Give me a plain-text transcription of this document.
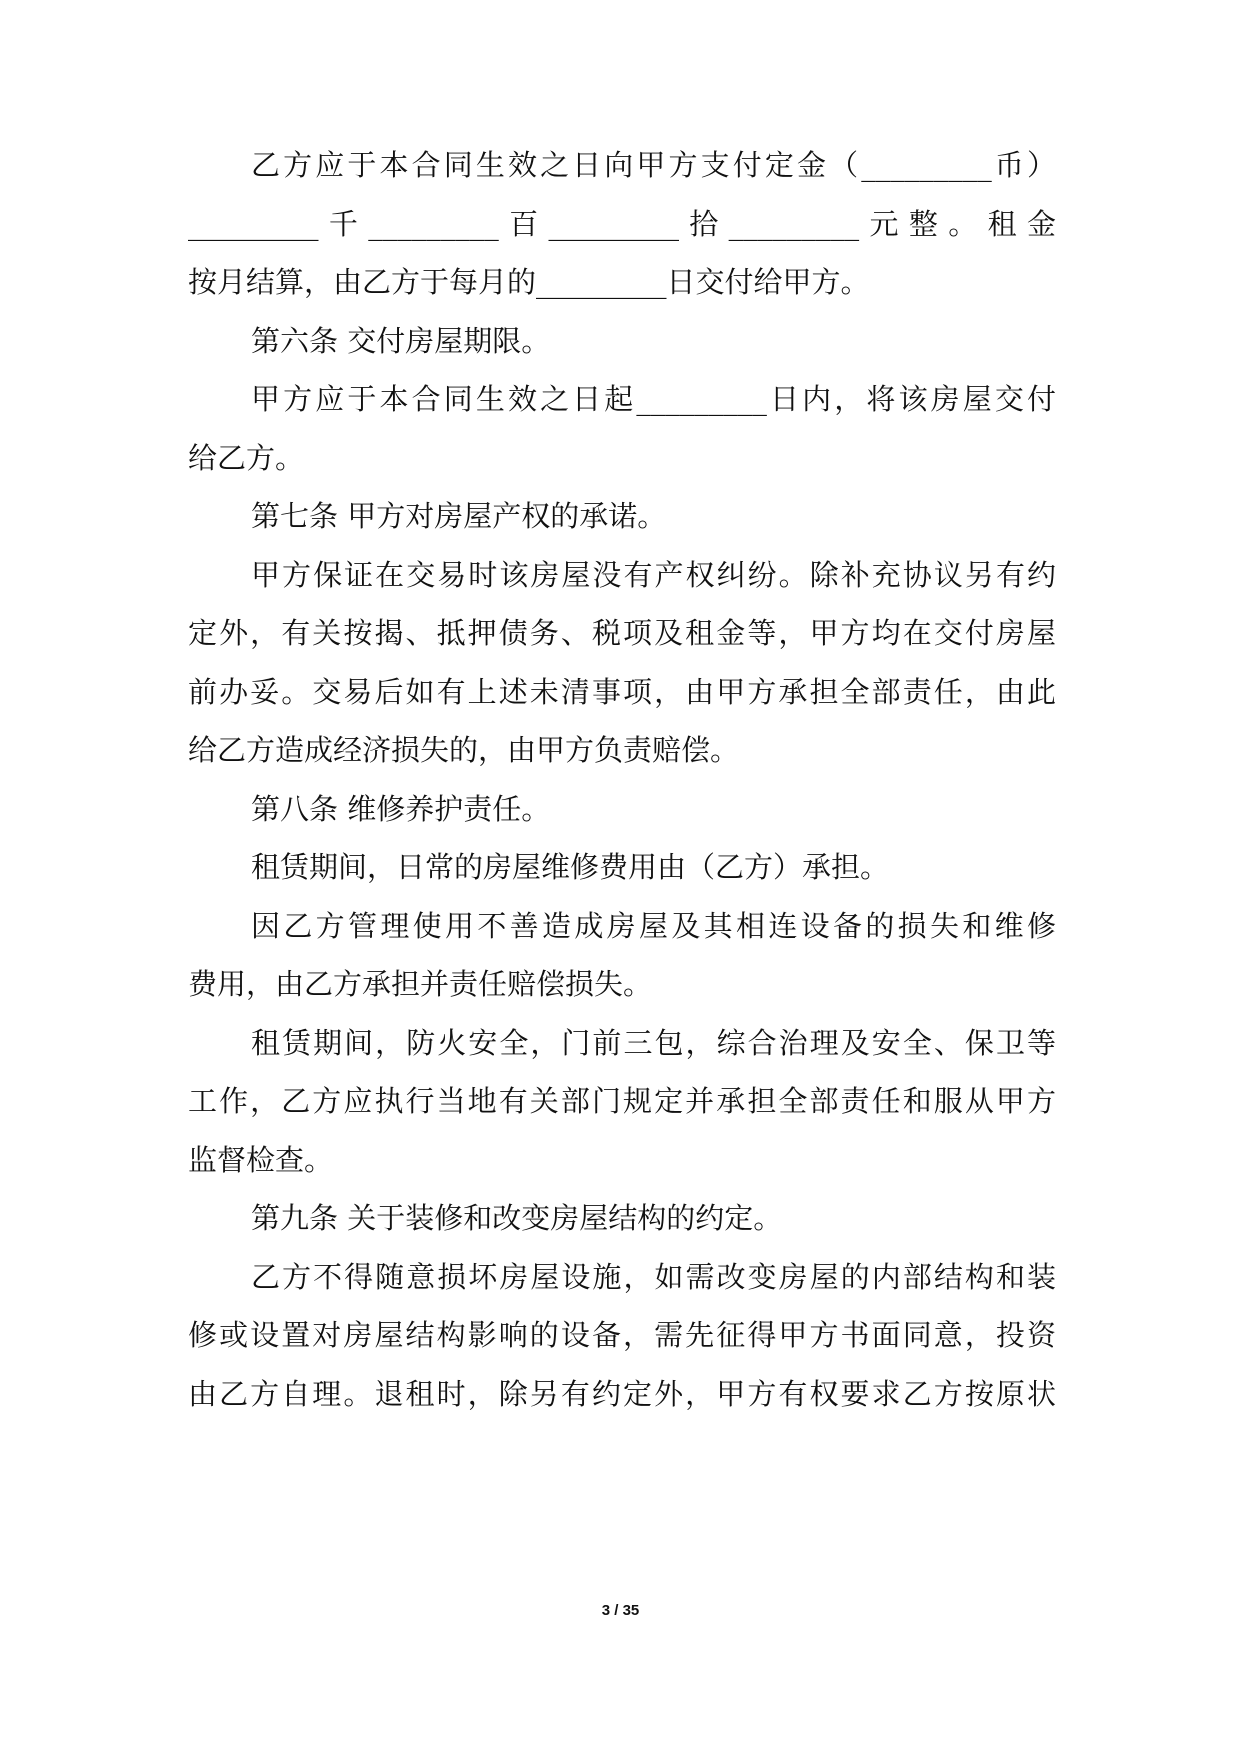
乙方应于本合同生效之日向甲方支付定金（_________币）
_________千_________百_________拾_________元整。租金
按月结算，由乙方于每月的_________日交付给甲方。
第六条 交付房屋期限。
甲方应于本合同生效之日起_________日内，将该房屋交付
给乙方。
第七条 甲方对房屋产权的承诺。
甲方保证在交易时该房屋没有产权纠纷。除补充协议另有约
定外，有关按揭、抵押债务、税项及租金等，甲方均在交付房屋
前办妥。交易后如有上述未清事项，由甲方承担全部责任，由此
给乙方造成经济损失的，由甲方负责赔偿。
第八条 维修养护责任。
租赁期间，日常的房屋维修费用由（乙方）承担。
因乙方管理使用不善造成房屋及其相连设备的损失和维修
费用，由乙方承担并责任赔偿损失。
租赁期间，防火安全，门前三包，综合治理及安全、保卫等
工作，乙方应执行当地有关部门规定并承担全部责任和服从甲方
监督检查。
第九条 关于装修和改变房屋结构的约定。
乙方不得随意损坏房屋设施，如需改变房屋的内部结构和装
修或设置对房屋结构影响的设备，需先征得甲方书面同意，投资
由乙方自理。退租时，除另有约定外，甲方有权要求乙方按原状
3 / 35
